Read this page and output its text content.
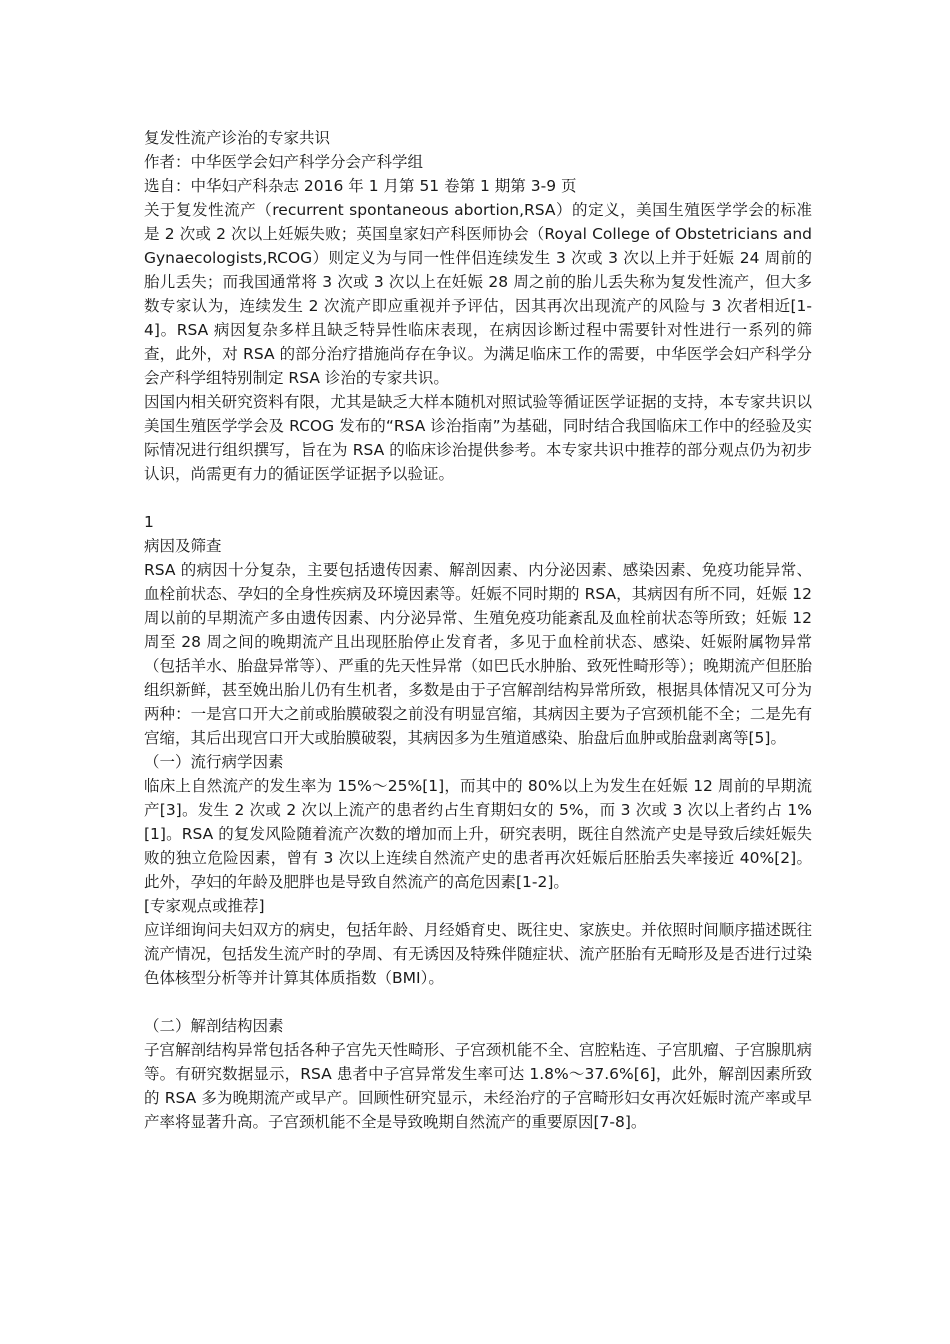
复发性流产诊治的专家共识

作者：中华医学会妇产科学分会产科学组

选自：中华妇产科杂志 2016 年 1 月第 51 卷第 1 期第 3-9 页

关于复发性流产（recurrent spontaneous abortion,RSA）的定义，美国生殖医学学会的标准是 2 次或 2 次以上妊娠失败；英国皇家妇产科医师协会（Royal College of Obstetricians and Gynaecologists,RCOG）则定义为与同一性伴侣连续发生 3 次或 3 次以上并于妊娠 24 周前的胎儿丢失；而我国通常将 3 次或 3 次以上在妊娠 28 周之前的胎儿丢失称为复发性流产，但大多数专家认为，连续发生 2 次流产即应重视并予评估，因其再次出现流产的风险与 3 次者相近[1-4]。RSA 病因复杂多样且缺乏特异性临床表现，在病因诊断过程中需要针对性进行一系列的筛查，此外，对 RSA 的部分治疗措施尚存在争议。为满足临床工作的需要，中华医学会妇产科学分会产科学组特别制定 RSA 诊治的专家共识。

因国内相关研究资料有限，尤其是缺乏大样本随机对照试验等循证医学证据的支持，本专家共识以美国生殖医学学会及 RCOG 发布的“RSA 诊治指南”为基础，同时结合我国临床工作中的经验及实际情况进行组织撰写，旨在为 RSA 的临床诊治提供参考。本专家共识中推荐的部分观点仍为初步认识，尚需更有力的循证医学证据予以验证。

1

病因及筛查

RSA 的病因十分复杂，主要包括遗传因素、解剖因素、内分泌因素、感染因素、免疫功能异常、血栓前状态、孕妇的全身性疾病及环境因素等。妊娠不同时期的 RSA，其病因有所不同，妊娠 12 周以前的早期流产多由遗传因素、内分泌异常、生殖免疫功能紊乱及血栓前状态等所致；妊娠 12 周至 28 周之间的晚期流产且出现胚胎停止发育者，多见于血栓前状态、感染、妊娠附属物异常（包括羊水、胎盘异常等）、严重的先天性异常（如巴氏水肿胎、致死性畸形等）；晚期流产但胚胎组织新鲜，甚至娩出胎儿仍有生机者，多数是由于子宫解剖结构异常所致，根据具体情况又可分为两种：一是宫口开大之前或胎膜破裂之前没有明显宫缩，其病因主要为子宫颈机能不全；二是先有宫缩，其后出现宫口开大或胎膜破裂，其病因多为生殖道感染、胎盘后血肿或胎盘剥离等[5]。

（一）流行病学因素

临床上自然流产的发生率为 15%～25%[1]，而其中的 80%以上为发生在妊娠 12 周前的早期流产[3]。发生 2 次或 2 次以上流产的患者约占生育期妇女的 5%，而 3 次或 3 次以上者约占 1%[1]。RSA 的复发风险随着流产次数的增加而上升，研究表明，既往自然流产史是导致后续妊娠失败的独立危险因素，曾有 3 次以上连续自然流产史的患者再次妊娠后胚胎丢失率接近 40%[2]。此外，孕妇的年龄及肥胖也是导致自然流产的高危因素[1-2]。

[专家观点或推荐]

应详细询问夫妇双方的病史，包括年龄、月经婚育史、既往史、家族史。并依照时间顺序描述既往流产情况，包括发生流产时的孕周、有无诱因及特殊伴随症状、流产胚胎有无畸形及是否进行过染色体核型分析等并计算其体质指数（BMI）。

（二）解剖结构因素

子宫解剖结构异常包括各种子宫先天性畸形、子宫颈机能不全、宫腔粘连、子宫肌瘤、子宫腺肌病等。有研究数据显示，RSA 患者中子宫异常发生率可达 1.8%～37.6%[6]，此外，解剖因素所致的 RSA 多为晚期流产或早产。回顾性研究显示，未经治疗的子宫畸形妇女再次妊娠时流产率或早产率将显著升高。子宫颈机能不全是导致晚期自然流产的重要原因[7-8]。
